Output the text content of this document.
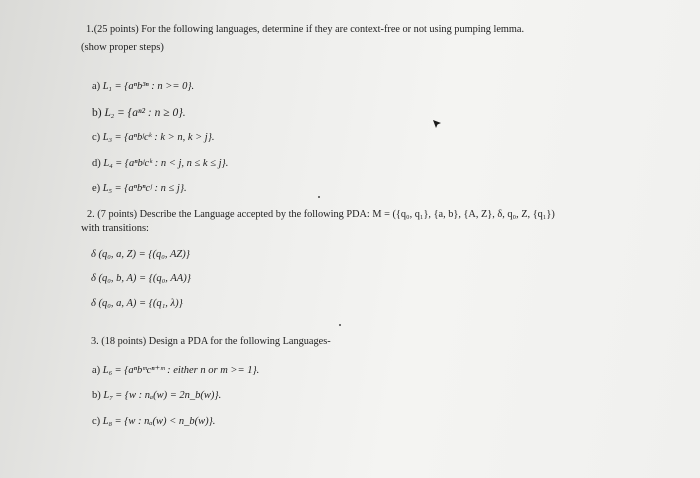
1.(25 points) For the following languages, determine if they are context-free or not using pumping lemma.
(show proper steps)
a) $L_1 = \{a^nb^{3n}$ : n >= 0}.
b) $L_2 = \{a^{n2}$ : n ≥ 0}.
c) $L_3$ = {aⁿbʲcᵏ : k > n, k > j}.
d) $L_4$ = {aⁿbʲcᵏ : n < j, n ≤ k ≤ j}.
e) $L_5$ = {aⁿbⁿcʲ : n ≤ j}.
2. (7 points) Describe the Language accepted by the following PDA: M = ({q₀, q₁}, {a, b}, {A, Z}, δ, q₀, Z, {q₁})
with transitions:
δ (q₀, a, Z) = {(q₀, AZ)}
δ (q₀, b, A) = {(q₀, AA)}
δ (q₀, a, A) = {(q₁, λ)}
3. (18 points) Design a PDA for the following Languages-
a) $L_6$ = {aⁿbᵐcⁿ⁺ᵐ : either n or m >= 1}.
b) $L_7 = \{w$ : nₐ(w) = 2n_b(w)}.
c) $L_8 = \{w$ : nₐ(w) < n_b(w)}.
